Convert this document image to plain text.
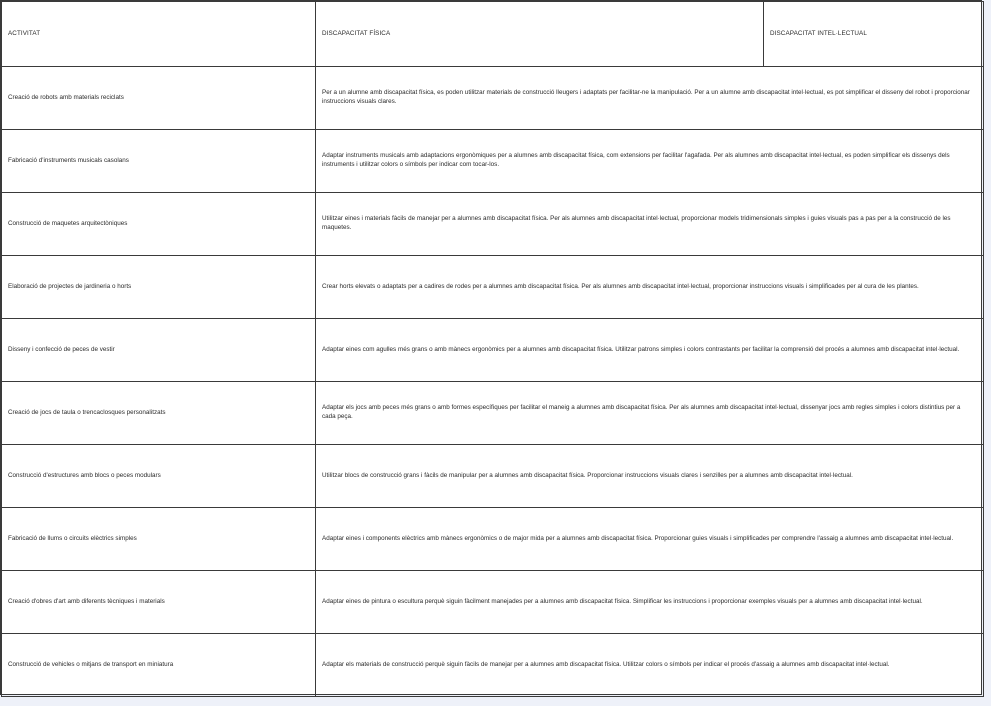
ACTIVITAT	DISCAPACITAT FÍSICA	DISCAPACITAT INTEL·LECTUAL
Creació de robots amb materials reciclats	Per a un alumne amb discapacitat física, es poden utilitzar materials de construcció lleugers i adaptats per facilitar-ne la manipulació. Per a un alumne amb discapacitat intel·lectual, es pot simplificar el disseny del robot i proporcionar instruccions visuals clares.	
Fabricació d'instruments musicals casolans	Adaptar instruments musicals amb adaptacions ergonòmiques per a alumnes amb discapacitat física, com extensions per facilitar l'agafada. Per als alumnes amb discapacitat intel·lectual, es poden simplificar els dissenys dels instruments i utilitzar colors o símbols per indicar com tocar-los.	
Construcció de maquetes arquitectòniques	Utilitzar eines i materials fàcils de manejar per a alumnes amb discapacitat física. Per als alumnes amb discapacitat intel·lectual, proporcionar models tridimensionals simples i guies visuals pas a pas per a la construcció de les maquetes.	
Elaboració de projectes de jardineria o horts	Crear horts elevats o adaptats per a cadires de rodes per a alumnes amb discapacitat física. Per als alumnes amb discapacitat intel·lectual, proporcionar instruccions visuals i simplificades per al cura de les plantes.	
Disseny i confecció de peces de vestir	Adaptar eines com agulles més grans o amb mànecs ergonòmics per a alumnes amb discapacitat física. Utilitzar patrons simples i colors contrastants per facilitar la comprensió del procés a alumnes amb discapacitat intel·lectual.	
Creació de jocs de taula o trencaclosques personalitzats	Adaptar els jocs amb peces més grans o amb formes específiques per facilitar el maneig a alumnes amb discapacitat física. Per als alumnes amb discapacitat intel·lectual, dissenyar jocs amb regles simples i colors distintius per a cada peça.	
Construcció d'estructures amb blocs o peces modulars	Utilitzar blocs de construcció grans i fàcils de manipular per a alumnes amb discapacitat física. Proporcionar instruccions visuals clares i senzilles per a alumnes amb discapacitat intel·lectual.	
Fabricació de llums o circuits elèctrics simples	Adaptar eines i components elèctrics amb mànecs ergonòmics o de major mida per a alumnes amb discapacitat física. Proporcionar guies visuals i simplificades per comprendre l'assaig a alumnes amb discapacitat intel·lectual.	
Creació d'obres d'art amb diferents tècniques i materials	Adaptar eines de pintura o escultura perquè siguin fàcilment manejades per a alumnes amb discapacitat física. Simplificar les instruccions i proporcionar exemples visuals per a alumnes amb discapacitat intel·lectual.	
Construcció de vehicles o mitjans de transport en miniatura	Adaptar els materials de construcció perquè siguin fàcils de manejar per a alumnes amb discapacitat física. Utilitzar colors o símbols per indicar el procés d'assaig a alumnes amb discapacitat intel·lectual.	
